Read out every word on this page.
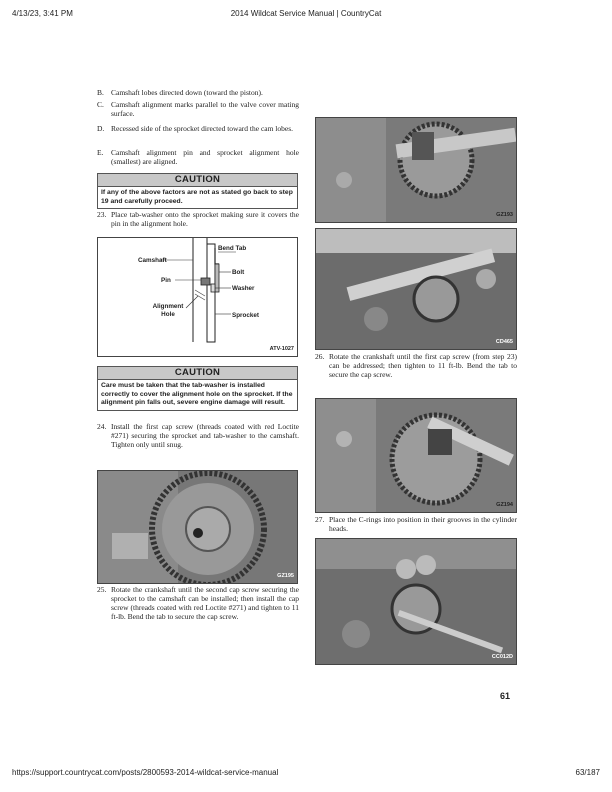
4/13/23, 3:41 PM	2014 Wildcat Service Manual | CountryCat
B. Camshaft lobes directed down (toward the piston).
C. Camshaft alignment marks parallel to the valve cover mating surface.
D. Recessed side of the sprocket directed toward the cam lobes.
E. Camshaft alignment pin and sprocket alignment hole (smallest) are aligned.
CAUTION
If any of the above factors are not as stated go back to step 19 and carefully proceed.
23. Place tab-washer onto the sprocket making sure it covers the pin in the alignment hole.
Camshaft
Bend Tab
Bolt
Pin
Washer
Alignment Hole	Sprocket
ATV-1027
CAUTION
Care must be taken that the tab-washer is installed correctly to cover the alignment hole on the sprocket. If the alignment pin falls out, severe engine damage will result.
24. Install the first cap screw (threads coated with red Loctite #271) securing the sprocket and tab-washer to the camshaft. Tighten only until snug.
GZ195
25. Rotate the crankshaft until the second cap screw securing the sprocket to the camshaft can be installed; then install the cap screw (threads coated with red Loctite #271) and tighten to 11 ft-lb. Bend the tab to secure the cap screw.
GZ193
CD465
26. Rotate the crankshaft until the first cap screw (from step 23) can be addressed; then tighten to 11 ft-lb. Bend the tab to secure the cap screw.
GZ194
27. Place the C-rings into position in their grooves in the cylinder heads.
CC012D
61
https://support.countrycat.com/posts/2800593-2014-wildcat-service-manual	63/187
